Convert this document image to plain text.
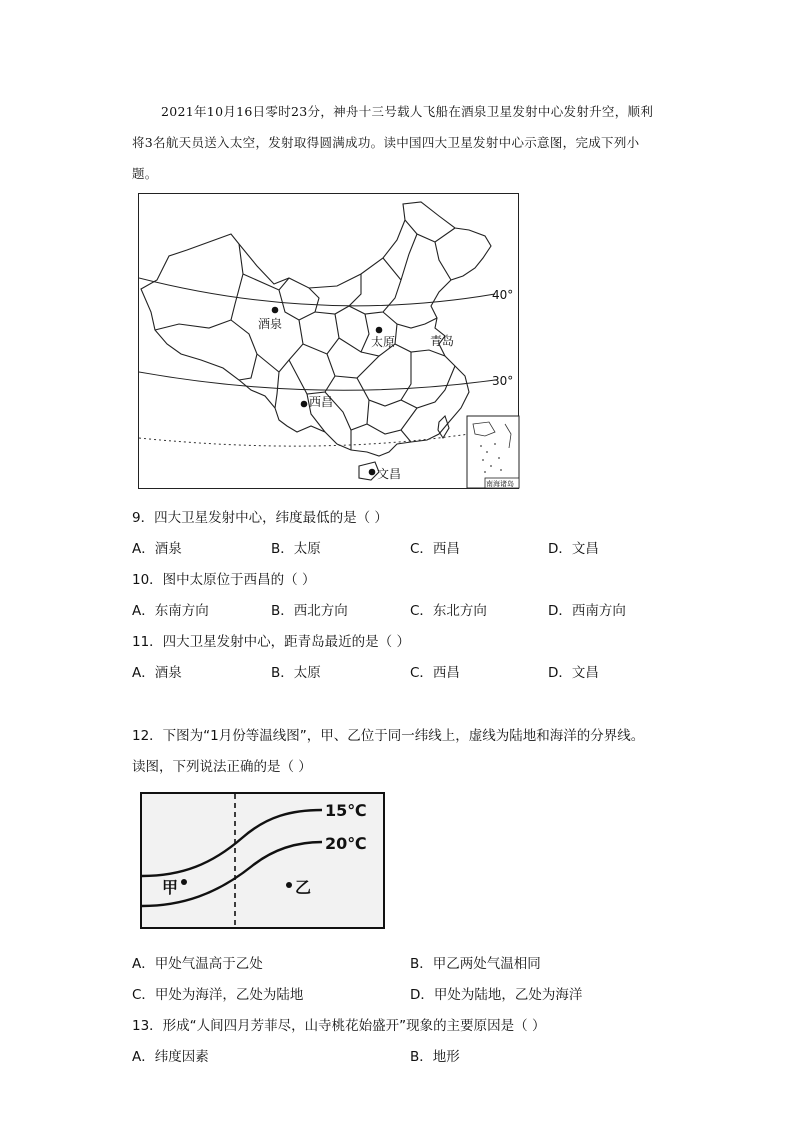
2021年10月16日零时23分，神舟十三号载人飞船在酒泉卫星发射中心发射升空，顺利将3名航天员送入太空，发射取得圆满成功。读中国四大卫星发射中心示意图，完成下列小题。
40°
30°
酒泉
太原	青岛
西昌
文昌
南海诸岛
9．四大卫星发射中心，纬度最低的是（ ）
A．酒泉	B．太原	C．西昌	D．文昌
10．图中太原位于西昌的（ ）
A．东南方向	B．西北方向	C．东北方向	D．西南方向
11．四大卫星发射中心，距青岛最近的是（ ）
A．酒泉	B．太原	C．西昌	D．文昌
12．下图为“1月份等温线图”，甲、乙位于同一纬线上，虚线为陆地和海洋的分界线。
读图，下列说法正确的是（ ）
15℃
20℃
甲	乙
A．甲处气温高于乙处	B．甲乙两处气温相同
C．甲处为海洋，乙处为陆地	D．甲处为陆地，乙处为海洋
13．形成“人间四月芳菲尽，山寺桃花始盛开”现象的主要原因是（ ）
A．纬度因素	B．地形
